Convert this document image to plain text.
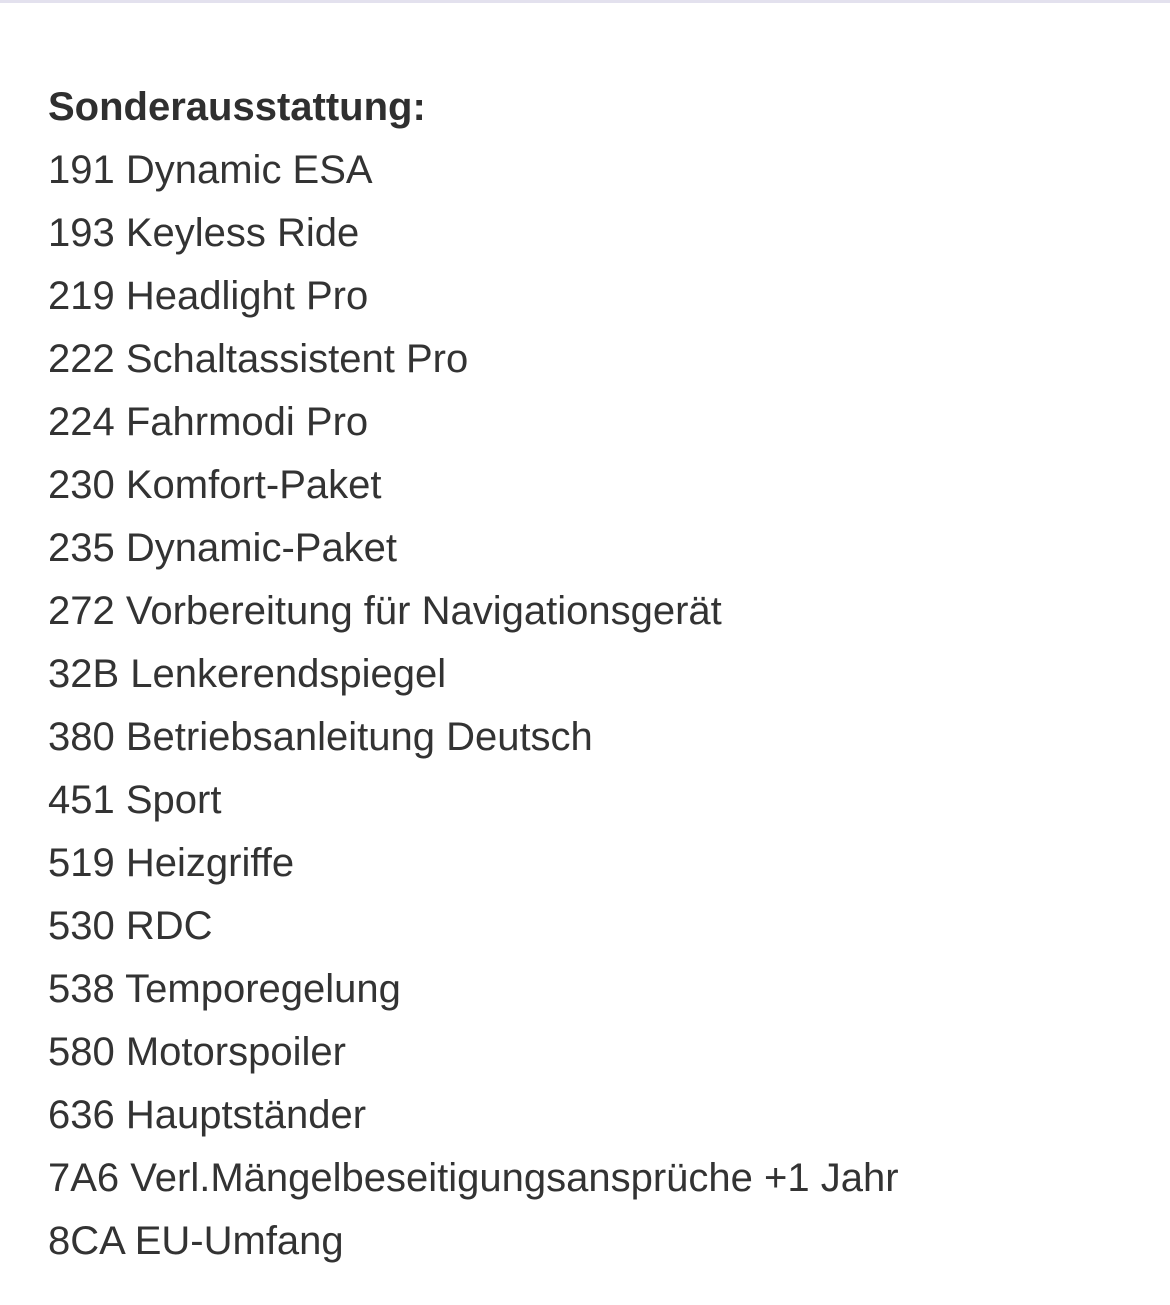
Sonderausstattung:
191 Dynamic ESA
193 Keyless Ride
219 Headlight Pro
222 Schaltassistent Pro
224 Fahrmodi Pro
230 Komfort-Paket
235 Dynamic-Paket
272 Vorbereitung für Navigationsgerät
32B Lenkerendspiegel
380 Betriebsanleitung Deutsch
451 Sport
519 Heizgriffe
530 RDC
538 Temporegelung
580 Motorspoiler
636 Hauptständer
7A6 Verl.Mängelbeseitigungsansprüche +1 Jahr
8CA EU-Umfang
